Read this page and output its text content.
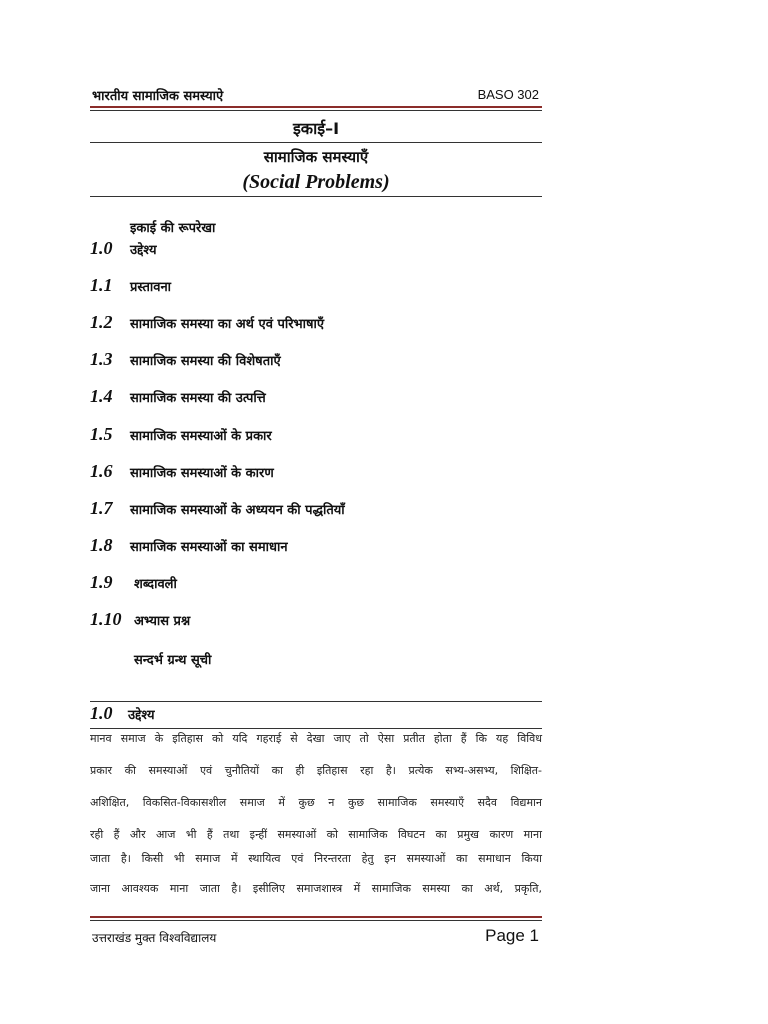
भारतीय सामाजिक समस्याऐ	BASO 302
इकाई–I
सामाजिक समस्याएँ
(Social Problems)
इकाई की रूपरेखा
1.0	उद्देश्य
1.1	प्रस्तावना
1.2	सामाजिक समस्या का अर्थ एवं परिभाषाएँ
1.3	सामाजिक समस्या की विशेषताएँ
1.4	सामाजिक समस्या की उत्पत्ति
1.5	सामाजिक समस्याओं के प्रकार
1.6	सामाजिक समस्याओं के कारण
1.7	सामाजिक समस्याओं के अध्ययन की पद्धतियाँ
1.8	सामाजिक समस्याओं का समाधान
1.9	शब्दावली
1.10 अभ्यास प्रश्न
सन्दर्भ ग्रन्थ सूची
1.0	उद्देश्य
मानव समाज के इतिहास को यदि गहराई से देखा जाए तो ऐसा प्रतीत होता हैं कि यह विविध
प्रकार की समस्याओं एवं चुनौतियों का ही इतिहास रहा है। प्रत्येक सभ्य-असभ्य, शिक्षित-
अशिक्षित, विकसित-विकासशील समाज में कुछ न कुछ सामाजिक समस्याएँ सदैव विद्यमान
रही हैं और आज भी हैं तथा इन्हीं समस्याओं को सामाजिक विघटन का प्रमुख कारण माना
जाता है। किसी भी समाज में स्थायित्व एवं निरन्तरता हेतु इन समस्याओं का समाधान किया
जाना आवश्यक माना जाता है। इसीलिए समाजशास्त्र में सामाजिक समस्या का अर्थ, प्रकृति,
उत्तराखंड मुक्त विश्वविद्यालय	Page 1
